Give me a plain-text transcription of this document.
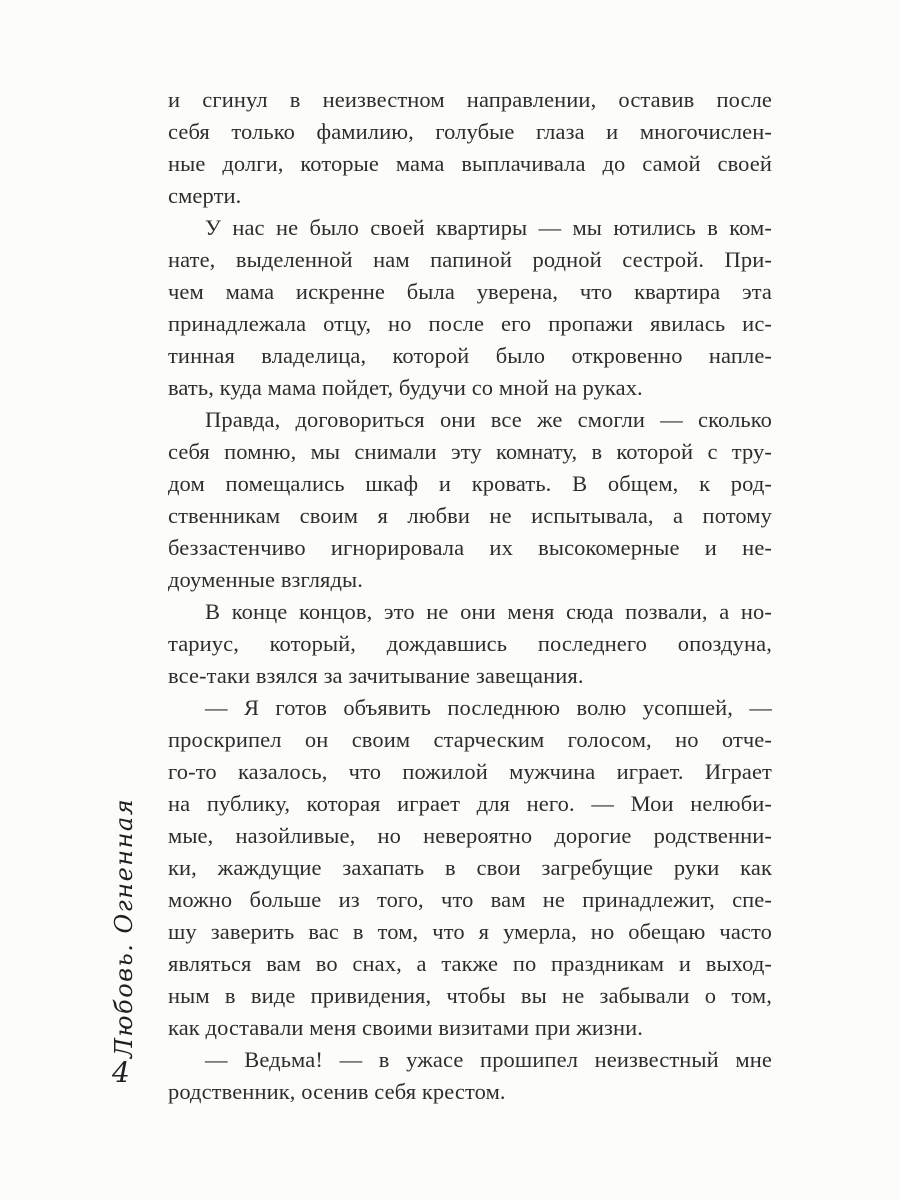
Любовь. Огненная
4
и сгинул в неизвестном направлении, оставив после
себя только фамилию, голубые глаза и многочислен-
ные долги, которые мама выплачивала до самой своей
смерти.
У нас не было своей квартиры — мы ютились в ком-
нате, выделенной нам папиной родной сестрой. При-
чем мама искренне была уверена, что квартира эта
принадлежала отцу, но после его пропажи явилась ис-
тинная владелица, которой было откровенно напле-
вать, куда мама пойдет, будучи со мной на руках.
Правда, договориться они все же смогли — сколько
себя помню, мы снимали эту комнату, в которой с тру-
дом помещались шкаф и кровать. В общем, к род-
ственникам своим я любви не испытывала, а потому
беззастенчиво игнорировала их высокомерные и не-
доуменные взгляды.
В конце концов, это не они меня сюда позвали, а но-
тариус, который, дождавшись последнего опоздуна,
все-таки взялся за зачитывание завещания.
— Я готов объявить последнюю волю усопшей, —
проскрипел он своим старческим голосом, но отче-
го-то казалось, что пожилой мужчина играет. Играет
на публику, которая играет для него. — Мои нелюби-
мые, назойливые, но невероятно дорогие родственни-
ки, жаждущие захапать в свои загребущие руки как
можно больше из того, что вам не принадлежит, спе-
шу заверить вас в том, что я умерла, но обещаю часто
являться вам во снах, а также по праздникам и выход-
ным в виде привидения, чтобы вы не забывали о том,
как доставали меня своими визитами при жизни.
— Ведьма! — в ужасе прошипел неизвестный мне
родственник, осенив себя крестом.
